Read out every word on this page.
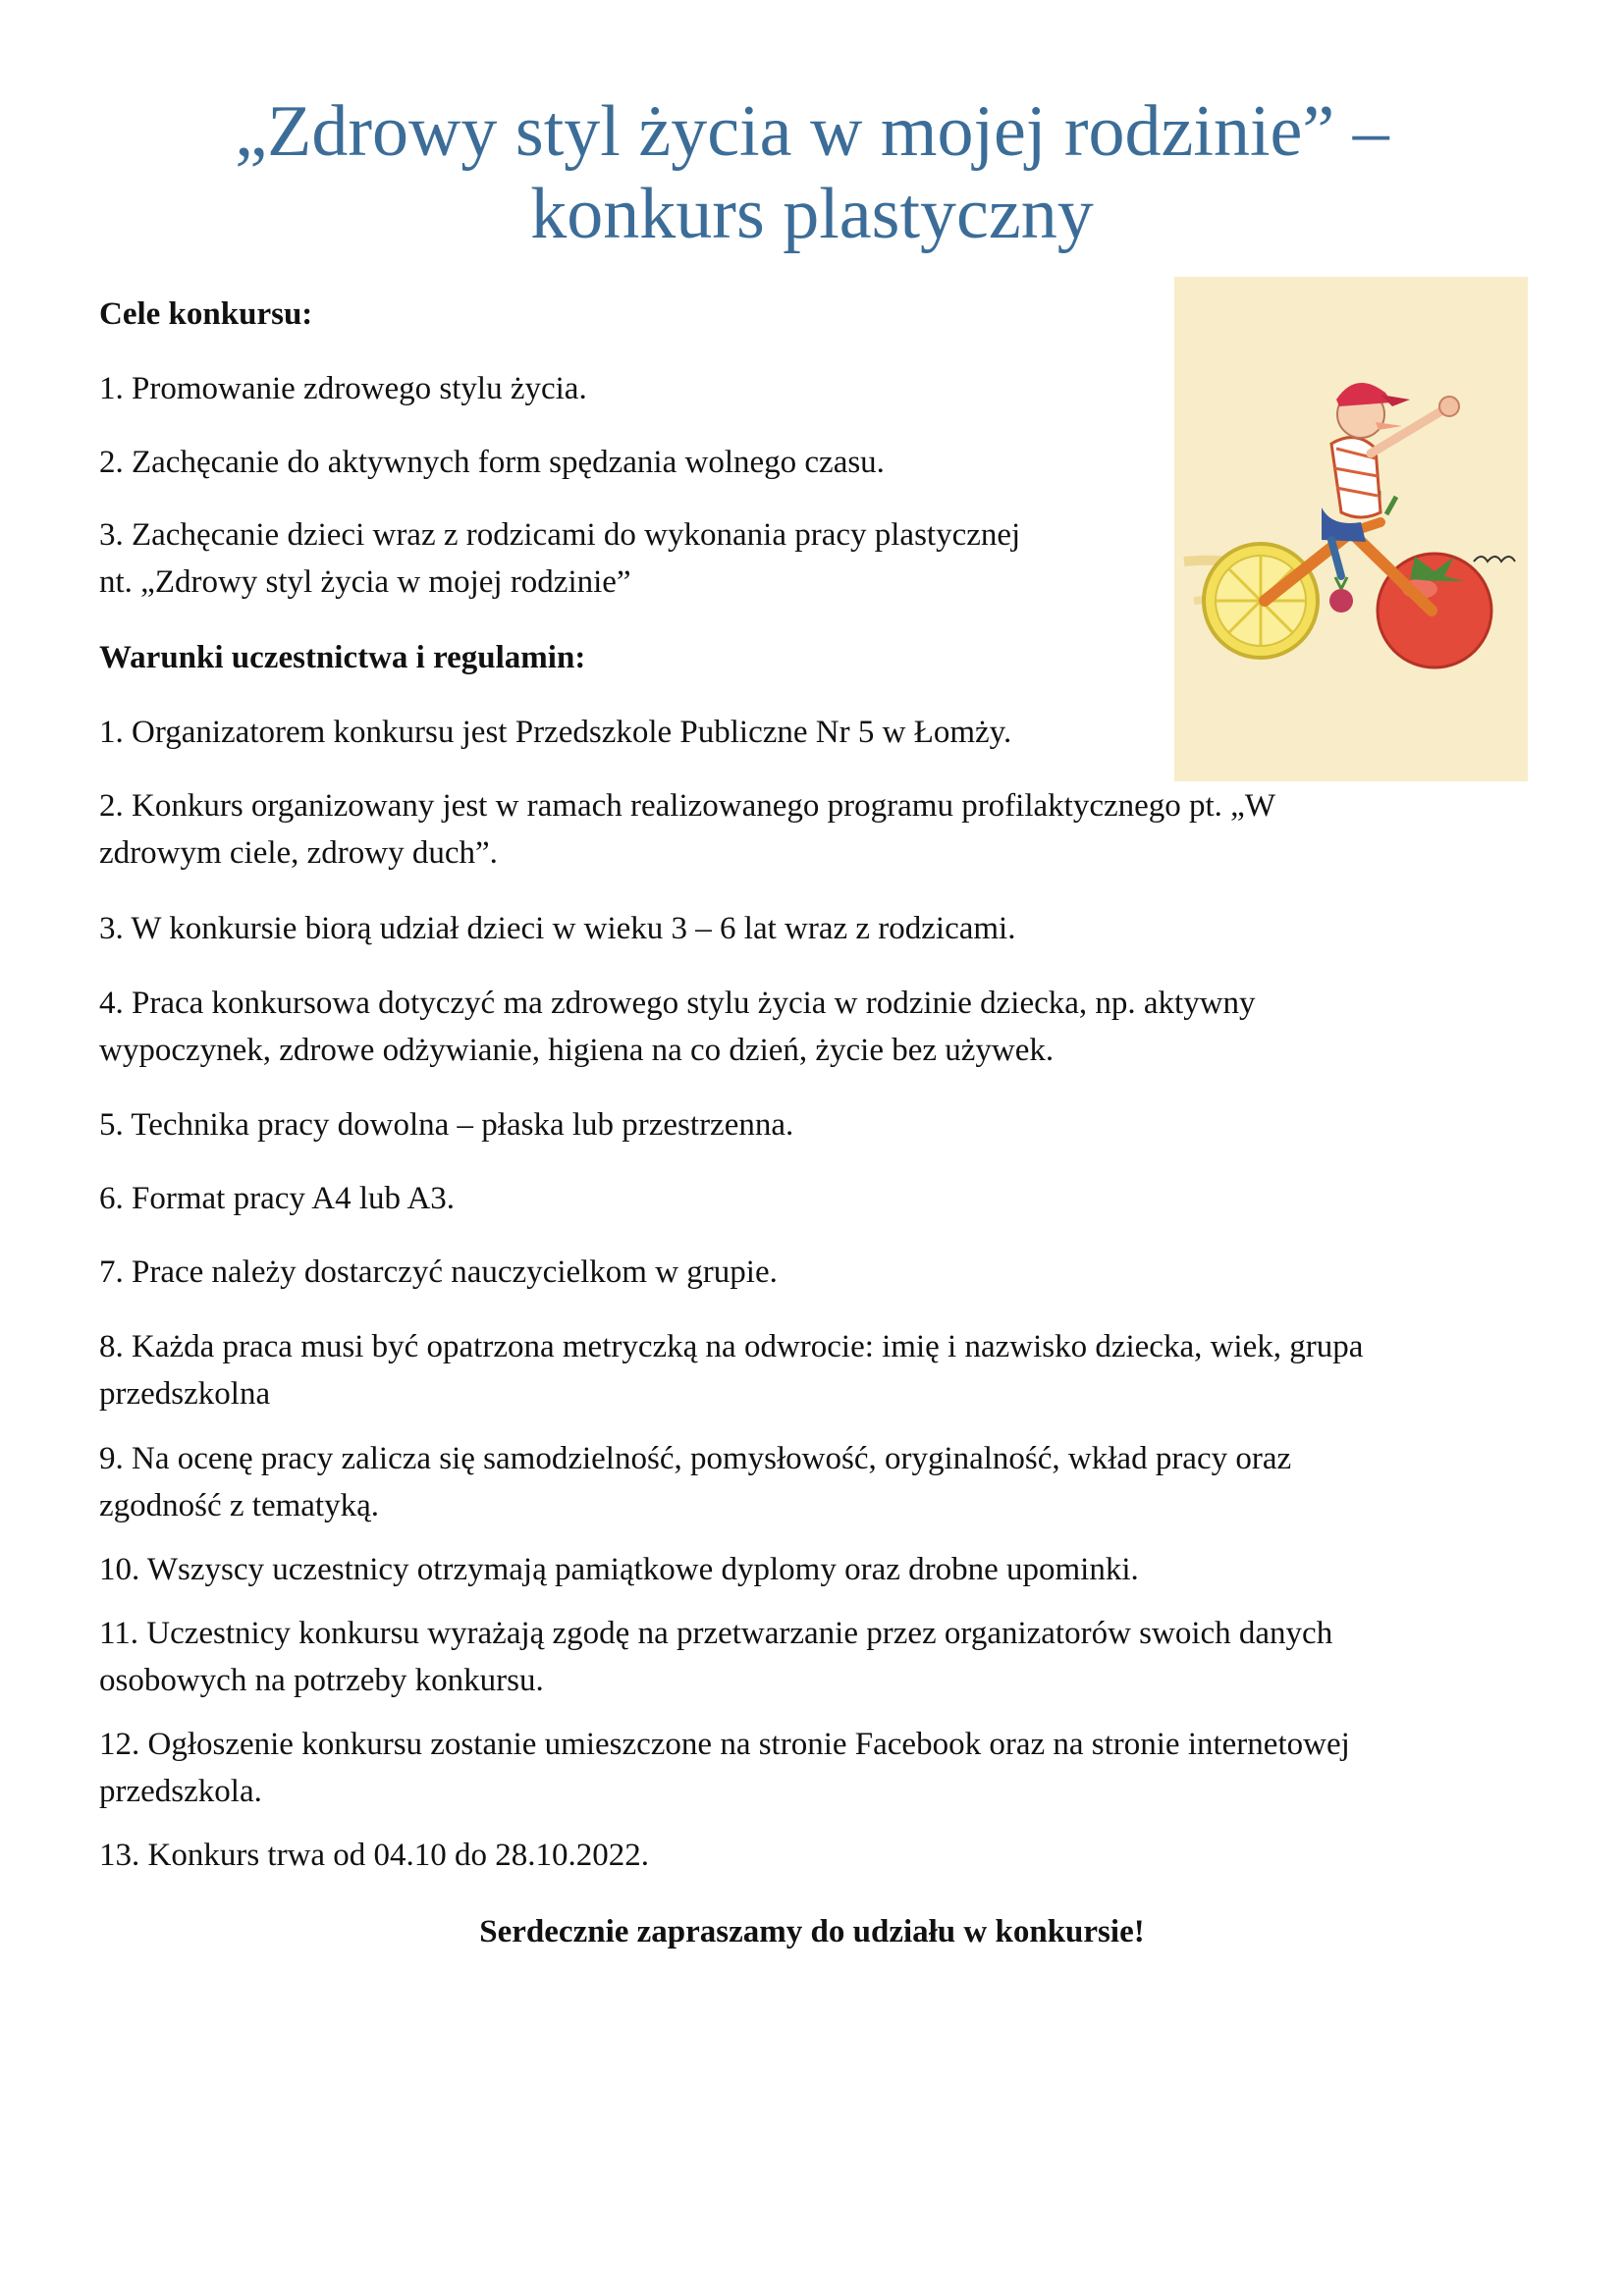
„Zdrowy styl życia w mojej rodzinie” –
konkurs plastyczny

Cele konkursu:

1. Promowanie zdrowego stylu życia.

2. Zachęcanie do aktywnych form spędzania wolnego czasu.

3. Zachęcanie dzieci wraz z rodzicami do wykonania pracy plastycznej

nt. „Zdrowy styl życia w mojej rodzinie”

Warunki uczestnictwa i regulamin:

1. Organizatorem konkursu jest Przedszkole Publiczne Nr 5 w Łomży.

2. Konkurs organizowany jest w ramach realizowanego programu profilaktycznego pt. „W

zdrowym ciele, zdrowy duch”.

3. W konkursie biorą udział dzieci w wieku 3 – 6 lat wraz z rodzicami.

4. Praca konkursowa dotyczyć ma zdrowego stylu życia w rodzinie dziecka, np. aktywny

wypoczynek, zdrowe odżywianie, higiena na co dzień, życie bez używek.

5. Technika pracy dowolna – płaska lub przestrzenna.

6. Format pracy A4 lub A3.

7. Prace należy dostarczyć nauczycielkom w grupie.

8. Każda praca musi być opatrzona metryczką na odwrocie: imię i nazwisko dziecka, wiek, grupa

przedszkolna

9. Na ocenę pracy zalicza się samodzielność, pomysłowość, oryginalność, wkład pracy oraz

zgodność z tematyką.

10. Wszyscy uczestnicy otrzymają pamiątkowe dyplomy oraz drobne upominki.

11. Uczestnicy konkursu wyrażają zgodę na przetwarzanie przez organizatorów swoich danych

osobowych na potrzeby konkursu.

12. Ogłoszenie konkursu zostanie umieszczone na stronie Facebook oraz na stronie internetowej

przedszkola.

13. Konkurs trwa od 04.10 do 28.10.2022.

Serdecznie zapraszamy do udziału w konkursie!
